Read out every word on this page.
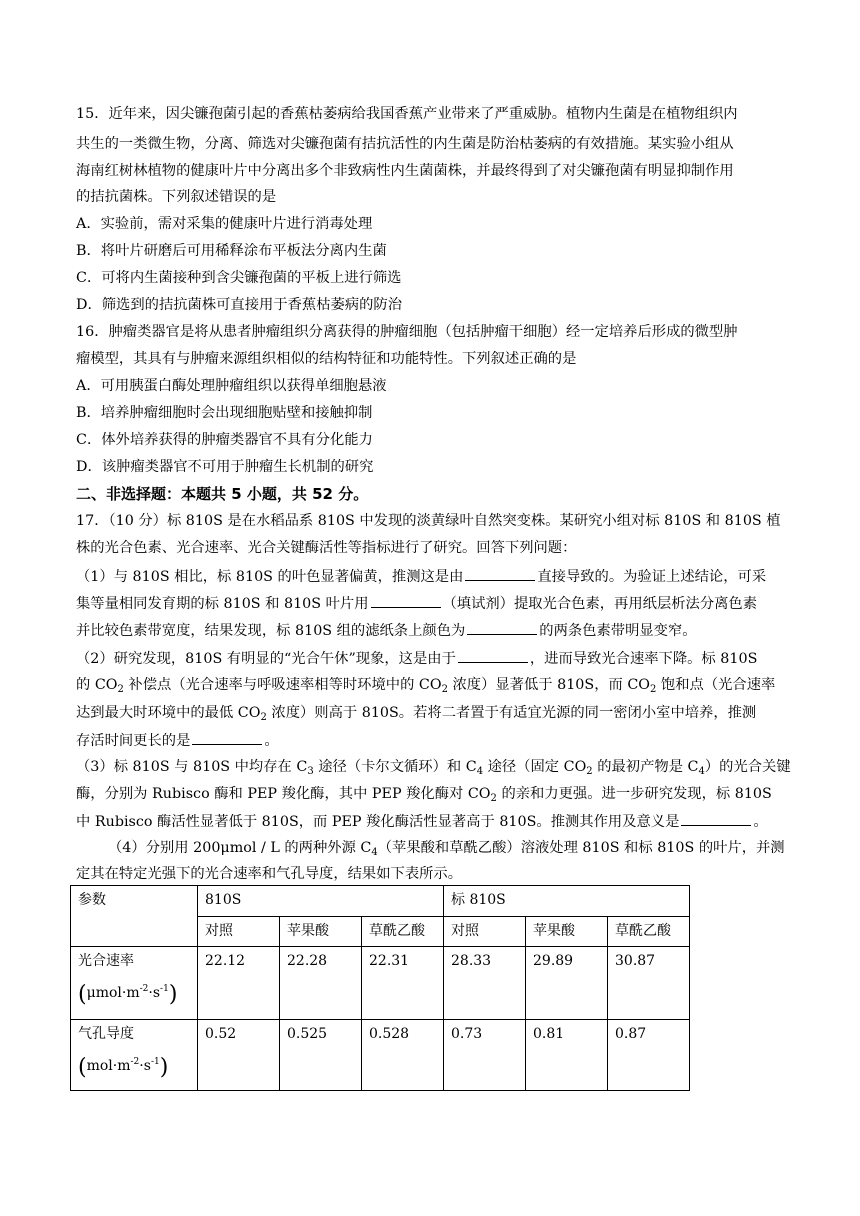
15．近年来，因尖镰孢菌引起的香蕉枯萎病给我国香蕉产业带来了严重威胁。植物内生菌是在植物组织内

共生的一类微生物，分离、筛选对尖镰孢菌有拮抗活性的内生菌是防治枯萎病的有效措施。某实验小组从

海南红树林植物的健康叶片中分离出多个非致病性内生菌菌株，并最终得到了对尖镰孢菌有明显抑制作用

的拮抗菌株。下列叙述错误的是

A．实验前，需对采集的健康叶片进行消毒处理

B．将叶片研磨后可用稀释涂布平板法分离内生菌

C．可将内生菌接种到含尖镰孢菌的平板上进行筛选

D．筛选到的拮抗菌株可直接用于香蕉枯萎病的防治

16．肿瘤类器官是将从患者肿瘤组织分离获得的肿瘤细胞（包括肿瘤干细胞）经一定培养后形成的微型肿

瘤模型，其具有与肿瘤来源组织相似的结构特征和功能特性。下列叙述正确的是

A．可用胰蛋白酶处理肿瘤组织以获得单细胞悬液

B．培养肿瘤细胞时会出现细胞贴壁和接触抑制

C．体外培养获得的肿瘤类器官不具有分化能力

D．该肿瘤类器官不可用于肿瘤生长机制的研究

二、非选择题：本题共 5 小题，共 52 分。

17．（10 分）标 810S 是在水稻品系 810S 中发现的淡黄绿叶自然突变株。某研究小组对标 810S 和 810S 植

株的光合色素、光合速率、光合关键酶活性等指标进行了研究。回答下列问题：

（1）与 810S 相比，标 810S 的叶色显著偏黄，推测这是由	直接导致的。为验证上述结论，可采

集等量相同发育期的标 810S 和 810S 叶片用	（填试剂）提取光合色素，再用纸层析法分离色素

并比较色素带宽度，结果发现，标 810S 组的滤纸条上颜色为	的两条色素带明显变窄。

（2）研究发现，810S 有明显的“光合午休”现象，这是由于	，进而导致光合速率下降。标 810S

的 $CO_2$ 补偿点（光合速率与呼吸速率相等时环境中的 $CO_2$ 浓度）显著低于 810S，而 $CO_2$ 饱和点（光合速率

达到最大时环境中的最低 $CO_2$ 浓度）则高于 810S。若将二者置于有适宜光源的同一密闭小室中培养，推测

存活时间更长的是	。

（3）标 810S 与 810S 中均存在 $C_3$ 途径（卡尔文循环）和 $C_4$ 途径（固定 $CO_2$ 的最初产物是 $C_4$）的光合关键

酶，分别为 Rubisco 酶和 PEP 羧化酶，其中 PEP 羧化酶对 $CO_2$ 的亲和力更强。进一步研究发现，标 810S

中 Rubisco 酶活性显著低于 810S，而 PEP 羧化酶活性显著高于 810S。推测其作用及意义是	。

（4）分别用 200μmol / L 的两种外源 $C_4$（苹果酸和草酰乙酸）溶液处理 810S 和标 810S 的叶片，并测

定其在特定光强下的光合速率和气孔导度，结果如下表所示。

参数	810S			标 810S		
	对照	苹果酸	草酰乙酸	对照	苹果酸	草酰乙酸
光合速率
$(\mu mol\cdot m^{-2}\cdot s^{-1})$	22.12	22.28	22.31	28.33	29.89	30.87
气孔导度
$(mol\cdot m^{-2}\cdot s^{-1})$	0.52	0.525	0.528	0.73	0.81	0.87
